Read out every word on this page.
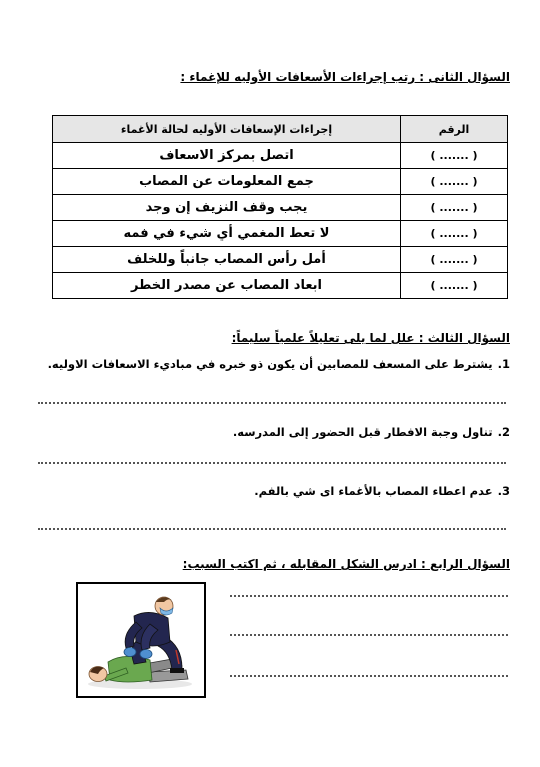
السؤال الثانى : رتب إجراءات الأسعافات الأوليه للإغماء :
الرقم	إجراءات الإسعافات الأوليه لحالة الأغماء
( ....... )	اتصل بمركز الاسعاف
( ....... )	جمع المعلومات عن المصاب
( ....... )	يجب وقف النزيف إن وجد
( ....... )	لا تعط المغمي أي شيء في فمه
( ....... )	أمل رأس المصاب جانباً وللخلف
( ....... )	ابعاد المصاب عن مصدر الخطر
السؤال الثالث : علل لما يلى تعليلاً علمياً سليماً:
1.يشترط على المسعف للمصابين أن يكون ذو خبره في مباديء الاسعافات الاوليه.
2.تناول وجبة الافطار قبل الحضور إلى المدرسه.
3.عدم اعطاء المصاب بالأغماء اى شي بالفم.
السؤال الرابع : ادرس الشكل المقابله ، ثم اكتب السبب:
